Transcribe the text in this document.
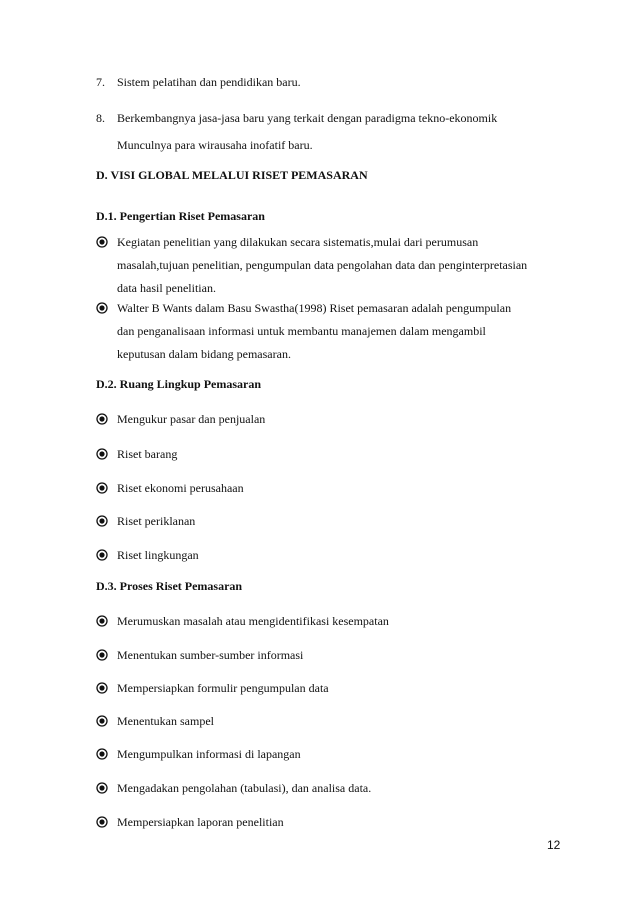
7. Sistem pelatihan dan pendidikan baru.
8. Berkembangnya jasa-jasa baru yang terkait dengan paradigma tekno-ekonomik
Munculnya para wirausaha inofatif baru.
D. VISI GLOBAL MELALUI RISET PEMASARAN
D.1. Pengertian Riset Pemasaran
Kegiatan penelitian yang dilakukan secara sistematis,mulai dari perumusan
masalah,tujuan penelitian, pengumpulan data pengolahan data dan penginterpretasian
data hasil penelitian.
Walter B Wants dalam Basu Swastha(1998) Riset pemasaran adalah pengumpulan
dan penganalisaan informasi untuk membantu manajemen dalam mengambil
keputusan dalam bidang pemasaran.
D.2. Ruang Lingkup Pemasaran
Mengukur pasar dan penjualan
Riset barang
Riset ekonomi perusahaan
Riset periklanan
Riset lingkungan
D.3. Proses Riset Pemasaran
Merumuskan masalah atau mengidentifikasi kesempatan
Menentukan sumber-sumber informasi
Mempersiapkan formulir pengumpulan data
Menentukan sampel
Mengumpulkan informasi di lapangan
Mengadakan pengolahan (tabulasi), dan analisa data.
Mempersiapkan laporan penelitian
12
